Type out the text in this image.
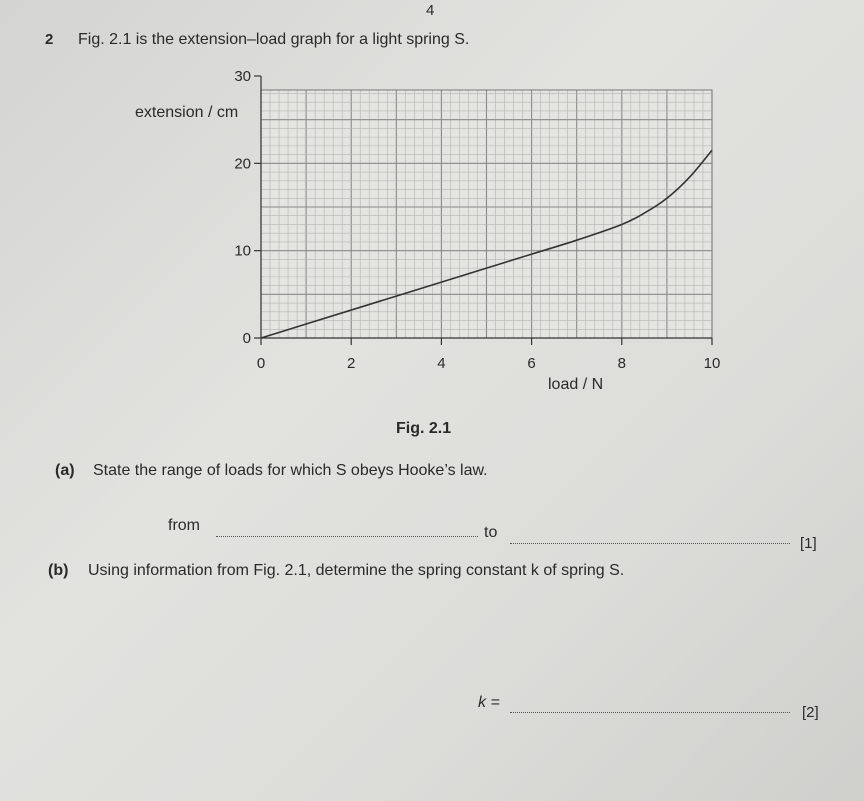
4
2 Fig. 2.1 is the extension–load graph for a light spring S.
0
10
20
30
0	2	4	6	8	10
extension / cm
load / N
Fig. 2.1
(a) State the range of loads for which S obeys Hooke’s law.
from	to
[1]
(b) Using information from Fig. 2.1, determine the spring constant k of spring S.
k =
[2]
